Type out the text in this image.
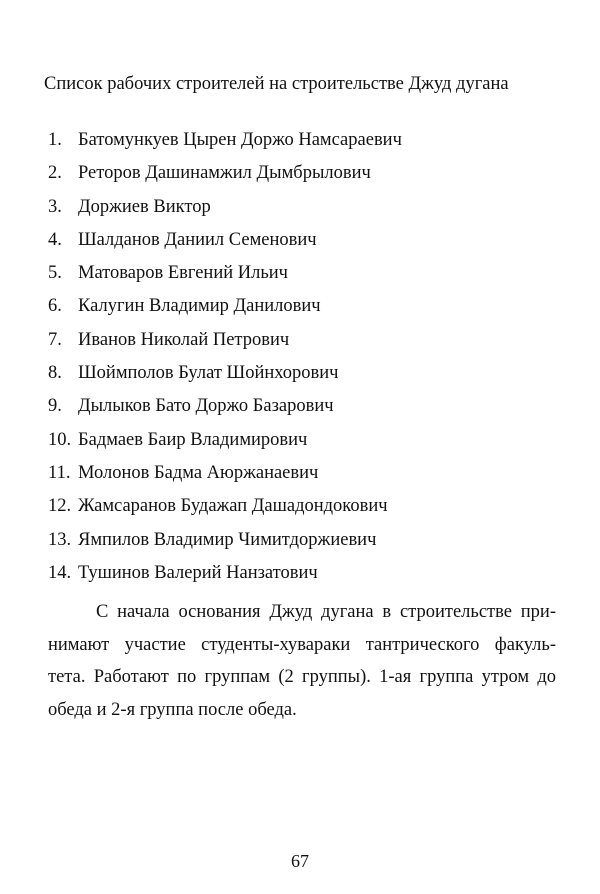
Список рабочих строителей на строительстве Джуд дугана
1. Батомункуев Цырен Доржо Намсараевич
2. Реторов Дашинамжил Дымбрылович
3. Доржиев Виктор
4. Шалданов Даниил Семенович
5. Матоваров Евгений Ильич
6. Калугин Владимир Данилович
7. Иванов Николай Петрович
8. Шоймполов Булат Шойнхорович
9. Дылыков Бато Доржо Базарович
10. Бадмаев Баир Владимирович
11. Молонов Бадма Аюржанаевич
12. Жамсаранов Будажап Дашадондокович
13. Ямпилов Владимир Чимитдоржиевич
14. Тушинов Валерий Нанзатович
С начала основания Джуд дугана в строительстве при-
нимают участие студенты-хувараки тантрического факуль-
тета. Работают по группам (2 группы). 1-ая группа утром до
обеда и 2-я группа после обеда.
67
